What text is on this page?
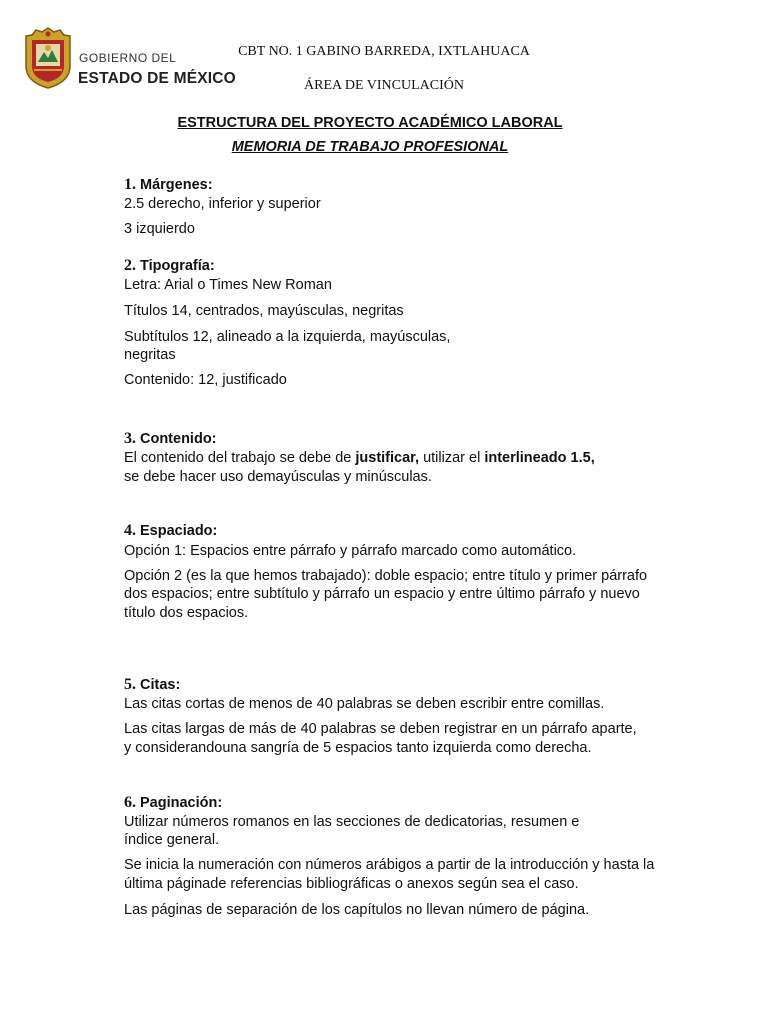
GOBIERNO DEL
ESTADO DE MÉXICO
CBT NO. 1 GABINO BARREDA, IXTLAHUACA
ÁREA DE VINCULACIÓN
ESTRUCTURA DEL PROYECTO ACADÉMICO LABORAL
MEMORIA DE TRABAJO PROFESIONAL
1. Márgenes:
2.5 derecho, inferior y superior
3 izquierdo
2. Tipografía:
Letra: Arial o Times New Roman
Títulos 14, centrados, mayúsculas, negritas
Subtítulos 12, alineado a la izquierda, mayúsculas,
negritas
Contenido: 12, justificado
3. Contenido:
El contenido del trabajo se debe de justificar, utilizar el interlineado 1.5,
se debe hacer uso demayúsculas y minúsculas.
4. Espaciado:
Opción 1: Espacios entre párrafo y párrafo marcado como automático.
Opción 2 (es la que hemos trabajado): doble espacio; entre título y primer párrafo
dos espacios; entre subtítulo y párrafo un espacio y entre último párrafo y nuevo
título dos espacios.
5. Citas:
Las citas cortas de menos de 40 palabras se deben escribir entre comillas.
Las citas largas de más de 40 palabras se deben registrar en un párrafo aparte,
y considerandouna sangría de 5 espacios tanto izquierda como derecha.
6. Paginación:
Utilizar números romanos en las secciones de dedicatorias, resumen e
índice general.
Se inicia la numeración con números arábigos a partir de la introducción y hasta la
última páginade referencias bibliográficas o anexos según sea el caso.
Las páginas de separación de los capítulos no llevan número de página.
